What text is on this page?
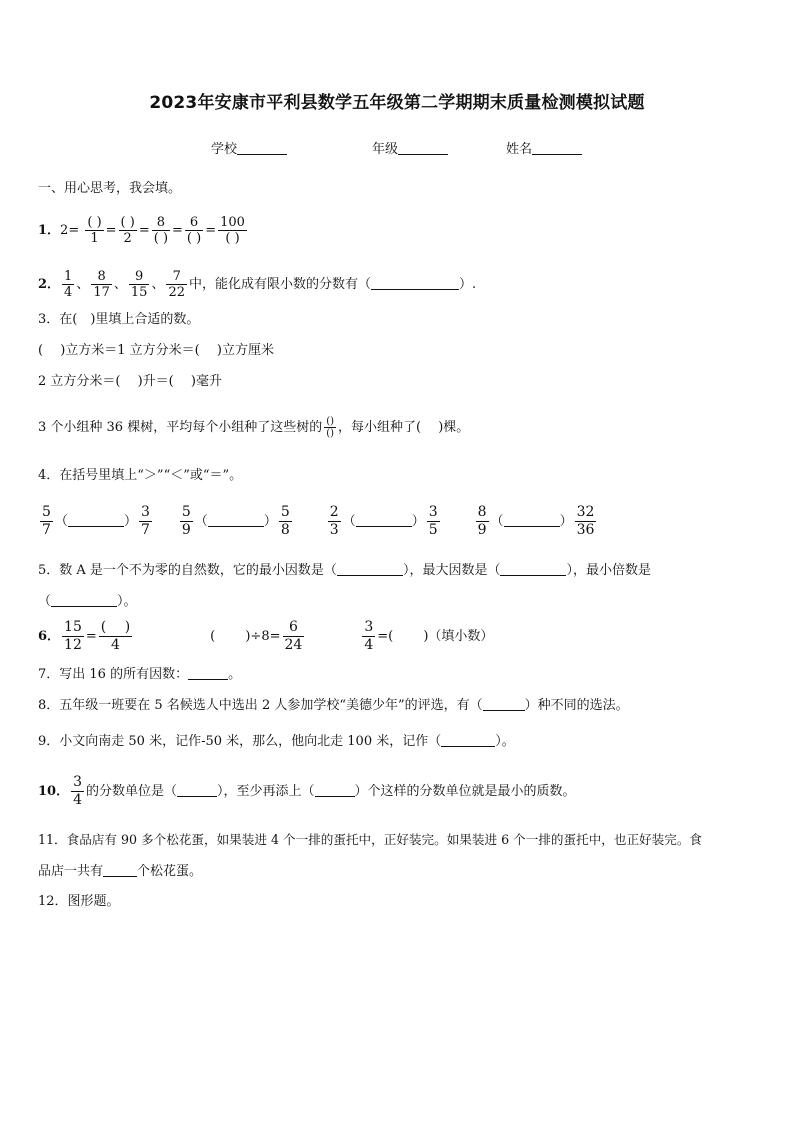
2023年安康市平利县数学五年级第二学期期末质量检测模拟试题
学校	年级	姓名
一、用心思考，我会填。
1．$2= \frac{( )}{1} = \frac{( )}{2} = \frac{8}{( )} = \frac{6}{( )} = \frac{100}{( )}$
2． $\frac{1}{4}$ 、 $\frac{8}{17}$ 、 $\frac{9}{15}$ 、 $\frac{7}{22}$ 中，能化成有限小数的分数有（	）.
3．在(　)里填上合适的数。
(　 )立方米＝1 立方分米＝(　 )立方厘米
2 立方分米＝(　 )升＝(　 )毫升
3 个小组种 36 棵树，平均每个小组种了这些树的 $\frac{()}{()}$ ，每小组种了(　 )棵。
4．在括号里填上“＞”“＜”或“＝”。
$\frac{5}{7}$ （	） $\frac{3}{7} \frac{5}{9}$ （	） $\frac{5}{8}$	$\frac{2}{3}$ （	） $\frac{3}{5}$	$\frac{8}{9}$ （	） $\frac{32}{36}$
5．数 A 是一个不为零的自然数，它的最小因数是（	），最大因数是（	），最小倍数是
（	）。
6． $\frac{15}{12} = \frac{( )}{4}$	(　　 )$\div 8= \frac{6}{24}$	$\frac{3}{4}$ =(　　 )（填小数）
7．写出 16 的所有因数：	。
8．五年级一班要在 5 名候选人中选出 2 人参加学校“美德少年”的评选，有（	）种不同的选法。
9．小文向南走 50 米，记作-50 米，那么，他向北走 100 米，记作（	）。
10． $\frac{3}{4}$ 的分数单位是（	），至少再添上（	）个这样的分数单位就是最小的质数。
11．食品店有 90 多个松花蛋，如果装进 4 个一排的蛋托中，正好装完。如果装进 6 个一排的蛋托中，也正好装完。食
品店一共有	个松花蛋。
12．图形题。
